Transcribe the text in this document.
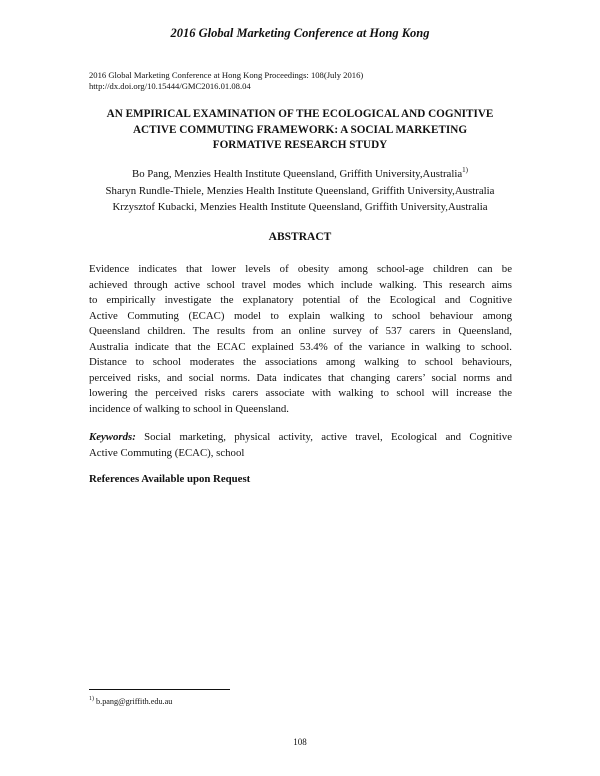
2016 Global Marketing Conference at Hong Kong
2016 Global Marketing Conference at Hong Kong Proceedings: 108(July 2016)
http://dx.doi.org/10.15444/GMC2016.01.08.04
AN EMPIRICAL EXAMINATION OF THE ECOLOGICAL AND COGNITIVE
ACTIVE COMMUTING FRAMEWORK: A SOCIAL MARKETING
FORMATIVE RESEARCH STUDY
Bo Pang, Menzies Health Institute Queensland, Griffith University,Australia$^{1)}$
Sharyn Rundle-Thiele, Menzies Health Institute Queensland, Griffith University,Australia
Krzysztof Kubacki, Menzies Health Institute Queensland, Griffith University,Australia
ABSTRACT
Evidence indicates that lower levels of obesity among school-age children can be
achieved through active school travel modes which include walking. This research aims
to empirically investigate the explanatory potential of the Ecological and Cognitive
Active Commuting (ECAC) model to explain walking to school behaviour among
Queensland children. The results from an online survey of 537 carers in Queensland,
Australia indicate that the ECAC explained 53.4% of the variance in walking to school.
Distance to school moderates the associations among walking to school behaviours,
perceived risks, and social norms. Data indicates that changing carers’ social norms and
lowering the perceived risks carers associate with walking to school will increase the
incidence of walking to school in Queensland.
Keywords: Social marketing, physical activity, active travel, Ecological and Cognitive
Active Commuting (ECAC), school
References Available upon Request
$^{1)}$ b.pang@griffith.edu.au
108
